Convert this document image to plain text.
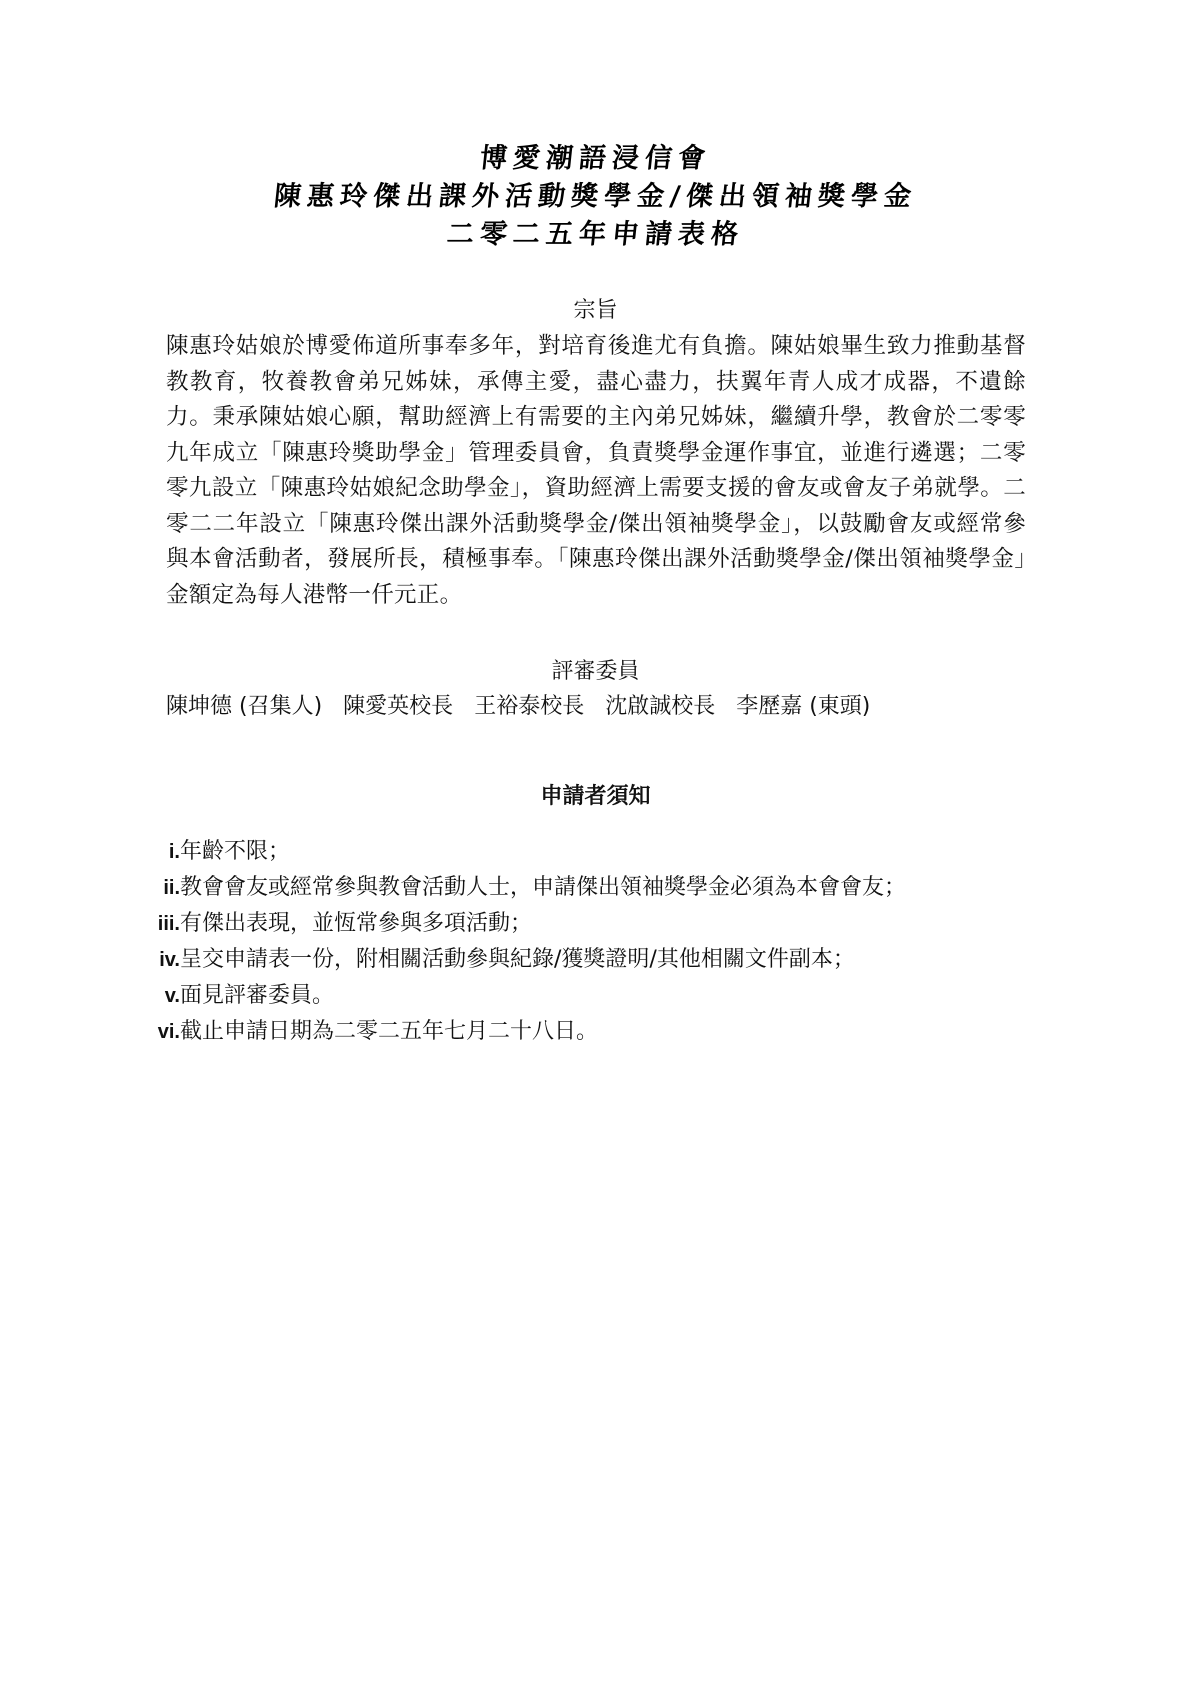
博愛潮語浸信會
陳惠玲傑出課外活動獎學金/傑出領袖獎學金
二零二五年申請表格
宗旨
陳惠玲姑娘於博愛佈道所事奉多年，對培育後進尤有負擔。陳姑娘畢生致力推動基督教教育，牧養教會弟兄姊妹，承傳主愛，盡心盡力，扶翼年青人成才成器，不遺餘力。秉承陳姑娘心願，幫助經濟上有需要的主內弟兄姊妹，繼續升學，教會於二零零九年成立「陳惠玲獎助學金」管理委員會，負責獎學金運作事宜，並進行遴選；二零零九設立「陳惠玲姑娘紀念助學金」，資助經濟上需要支援的會友或會友子弟就學。二零二二年設立「陳惠玲傑出課外活動獎學金/傑出領袖獎學金」，以鼓勵會友或經常參與本會活動者，發展所長，積極事奉。「陳惠玲傑出課外活動獎學金/傑出領袖獎學金」金額定為每人港幣一仟元正。
評審委員
陳坤德 (召集人) 陳愛英校長 王裕泰校長 沈啟誠校長 李歷嘉 (東頭)
申請者須知
i. 年齡不限；
ii. 教會會友或經常參與教會活動人士，申請傑出領袖獎學金必須為本會會友；
iii. 有傑出表現，並恆常參與多項活動；
iv. 呈交申請表一份，附相關活動參與紀錄/獲獎證明/其他相關文件副本；
v. 面見評審委員。
vi. 截止申請日期為二零二五年七月二十八日。
